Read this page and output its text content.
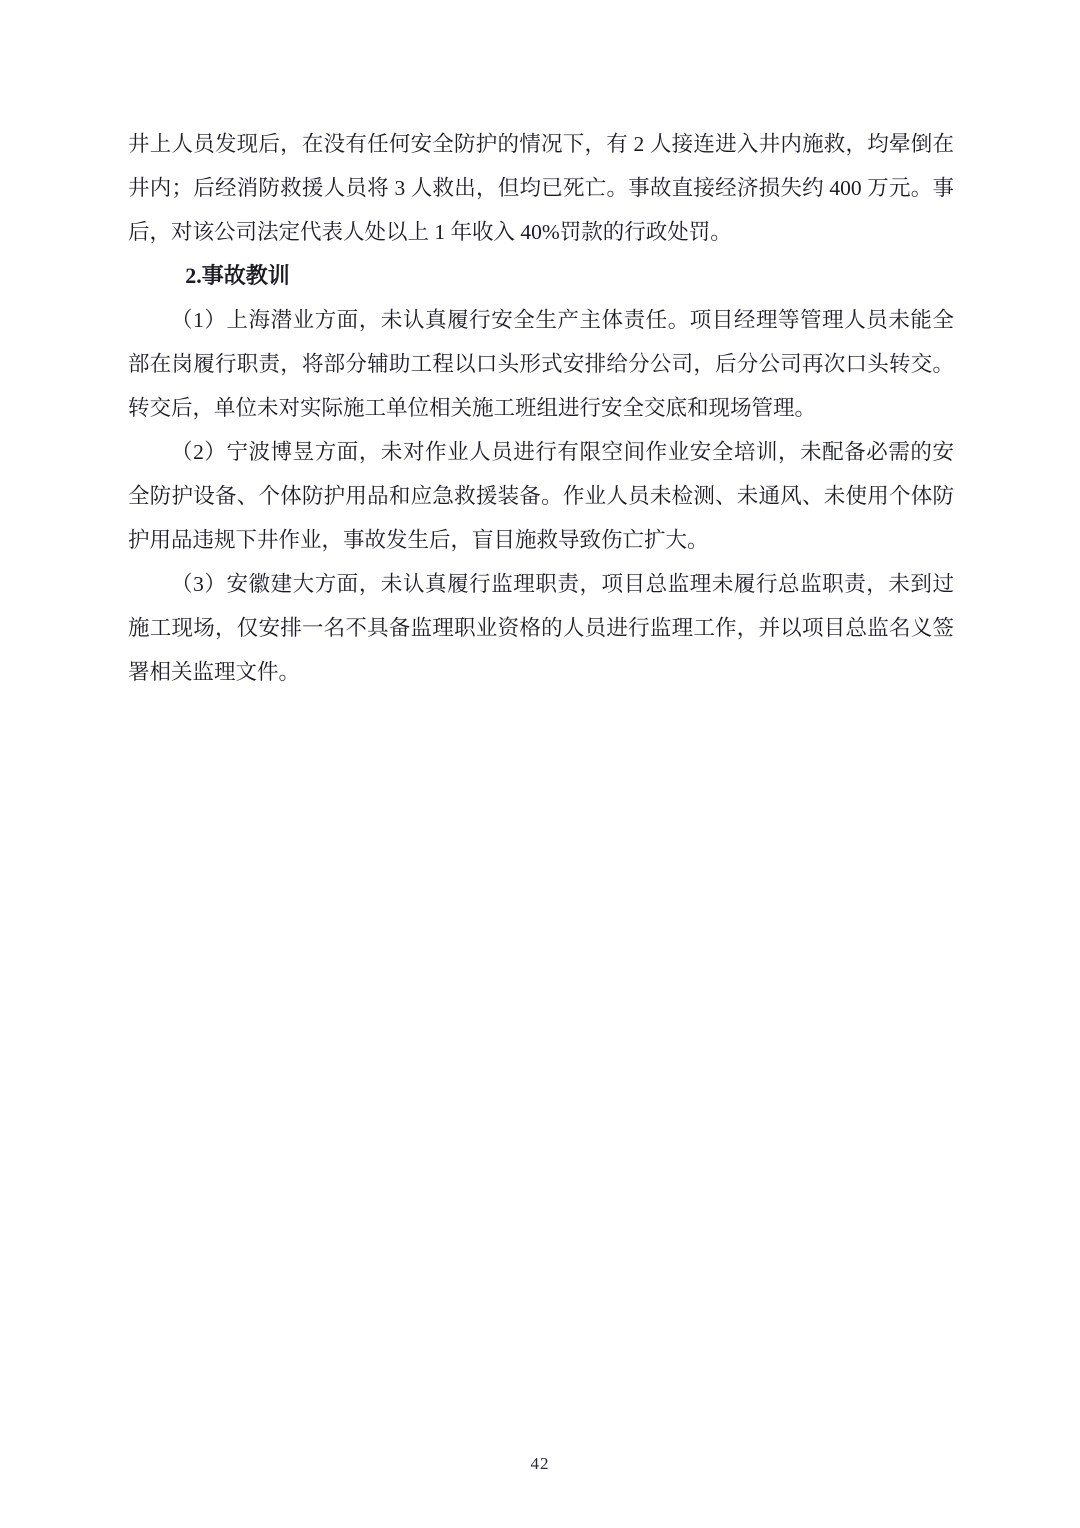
井上人员发现后，在没有任何安全防护的情况下，有 2 人接连进入井内施救，均晕倒在井内；后经消防救援人员将 3 人救出，但均已死亡。事故直接经济损失约 400 万元。事后，对该公司法定代表人处以上 1 年收入 40%罚款的行政处罚。

2.事故教训

（1）上海潜业方面，未认真履行安全生产主体责任。项目经理等管理人员未能全部在岗履行职责，将部分辅助工程以口头形式安排给分公司，后分公司再次口头转交。转交后，单位未对实际施工单位相关施工班组进行安全交底和现场管理。

（2）宁波博昱方面，未对作业人员进行有限空间作业安全培训，未配备必需的安全防护设备、个体防护用品和应急救援装备。作业人员未检测、未通风、未使用个体防护用品违规下井作业，事故发生后，盲目施救导致伤亡扩大。

（3）安徽建大方面，未认真履行监理职责，项目总监理未履行总监职责，未到过施工现场，仅安排一名不具备监理职业资格的人员进行监理工作，并以项目总监名义签署相关监理文件。

42
